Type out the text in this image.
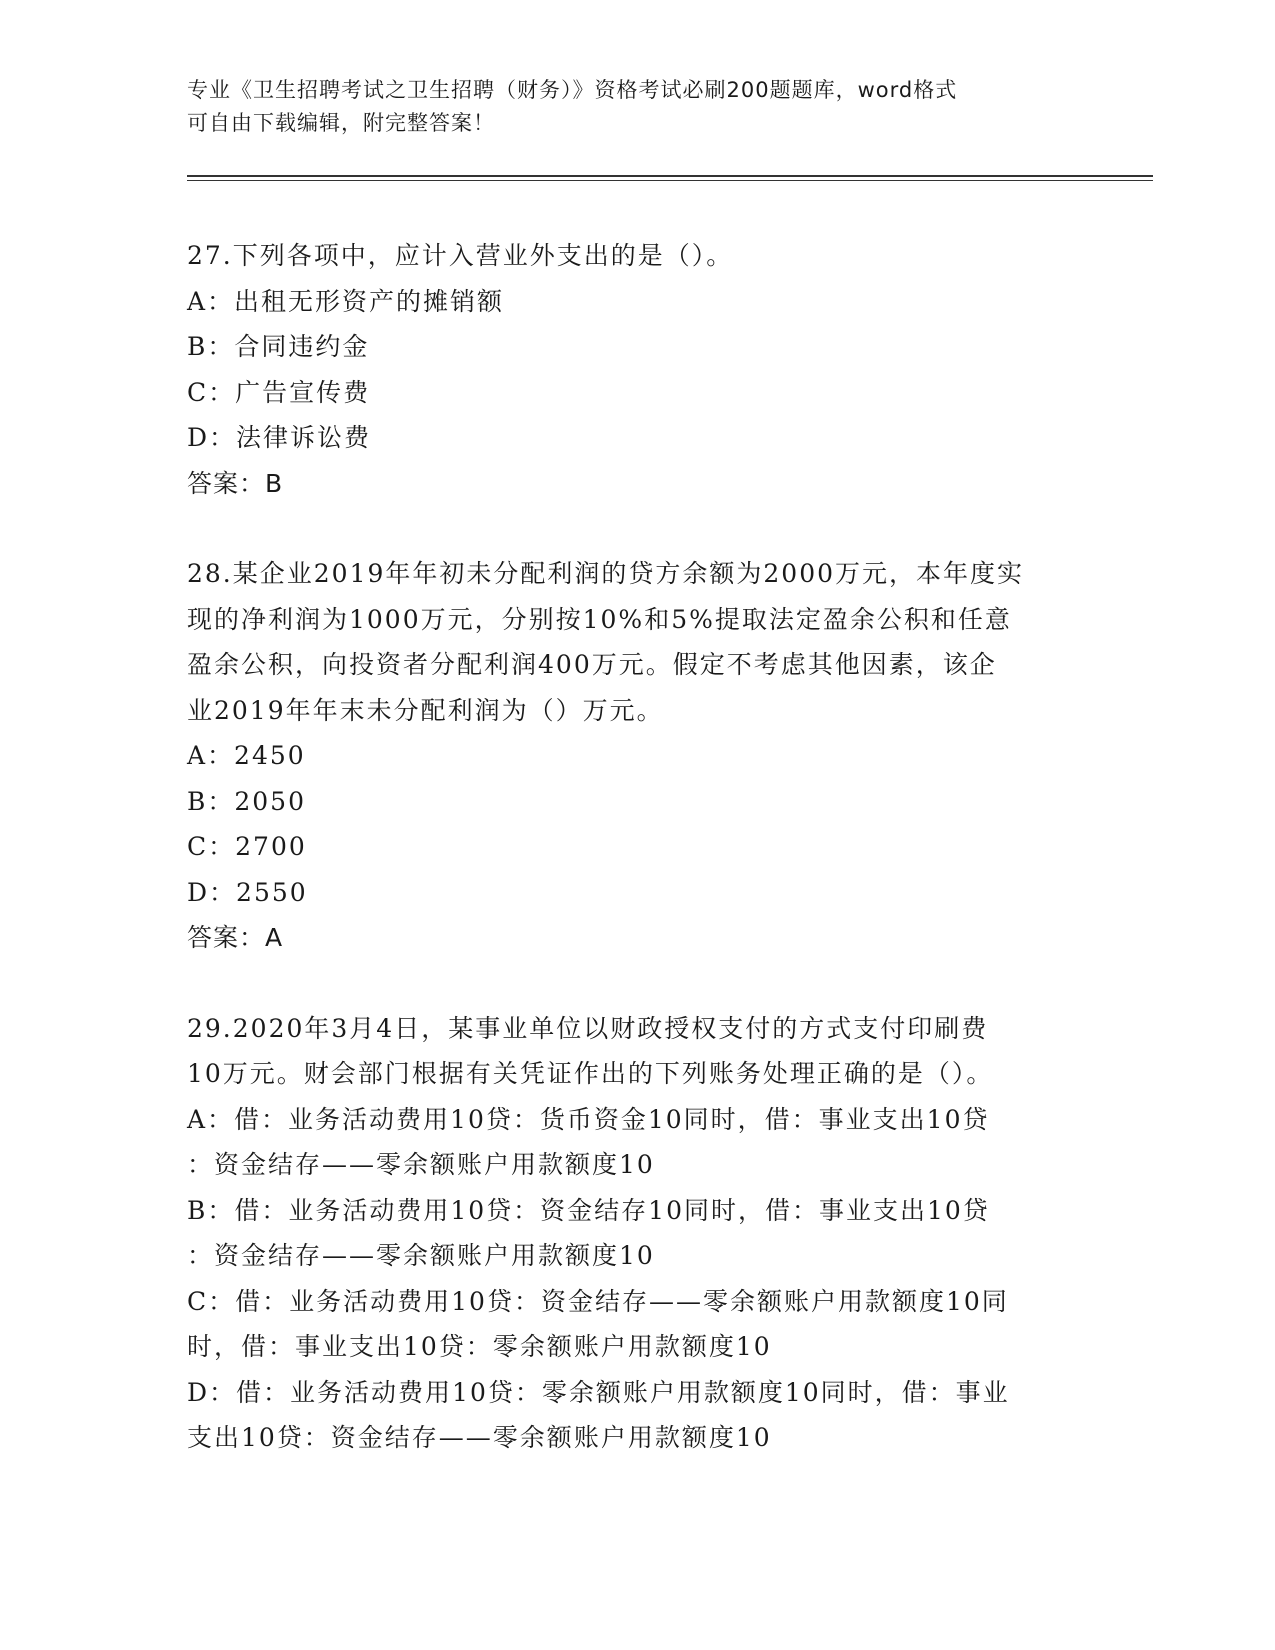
专业《卫生招聘考试之卫生招聘（财务）》资格考试必刷200题题库，word格式
可自由下载编辑，附完整答案！
27.下列各项中，应计入营业外支出的是（）。
A：出租无形资产的摊销额
B：合同违约金
C：广告宣传费
D：法律诉讼费
答案：B
28.某企业2019年年初未分配利润的贷方余额为2000万元，本年度实
现的净利润为1000万元，分别按10%和5%提取法定盈余公积和任意
盈余公积，向投资者分配利润400万元。假定不考虑其他因素，该企
业2019年年末未分配利润为（）万元。
A：2450
B：2050
C：2700
D：2550
答案：A
29.2020年3月4日，某事业单位以财政授权支付的方式支付印刷费
10万元。财会部门根据有关凭证作出的下列账务处理正确的是（）。
A：借：业务活动费用10贷：货币资金10同时，借：事业支出10贷
：资金结存——零余额账户用款额度10
B：借：业务活动费用10贷：资金结存10同时，借：事业支出10贷
：资金结存——零余额账户用款额度10
C：借：业务活动费用10贷：资金结存——零余额账户用款额度10同
时，借：事业支出10贷：零余额账户用款额度10
D：借：业务活动费用10贷：零余额账户用款额度10同时，借：事业
支出10贷：资金结存——零余额账户用款额度10
